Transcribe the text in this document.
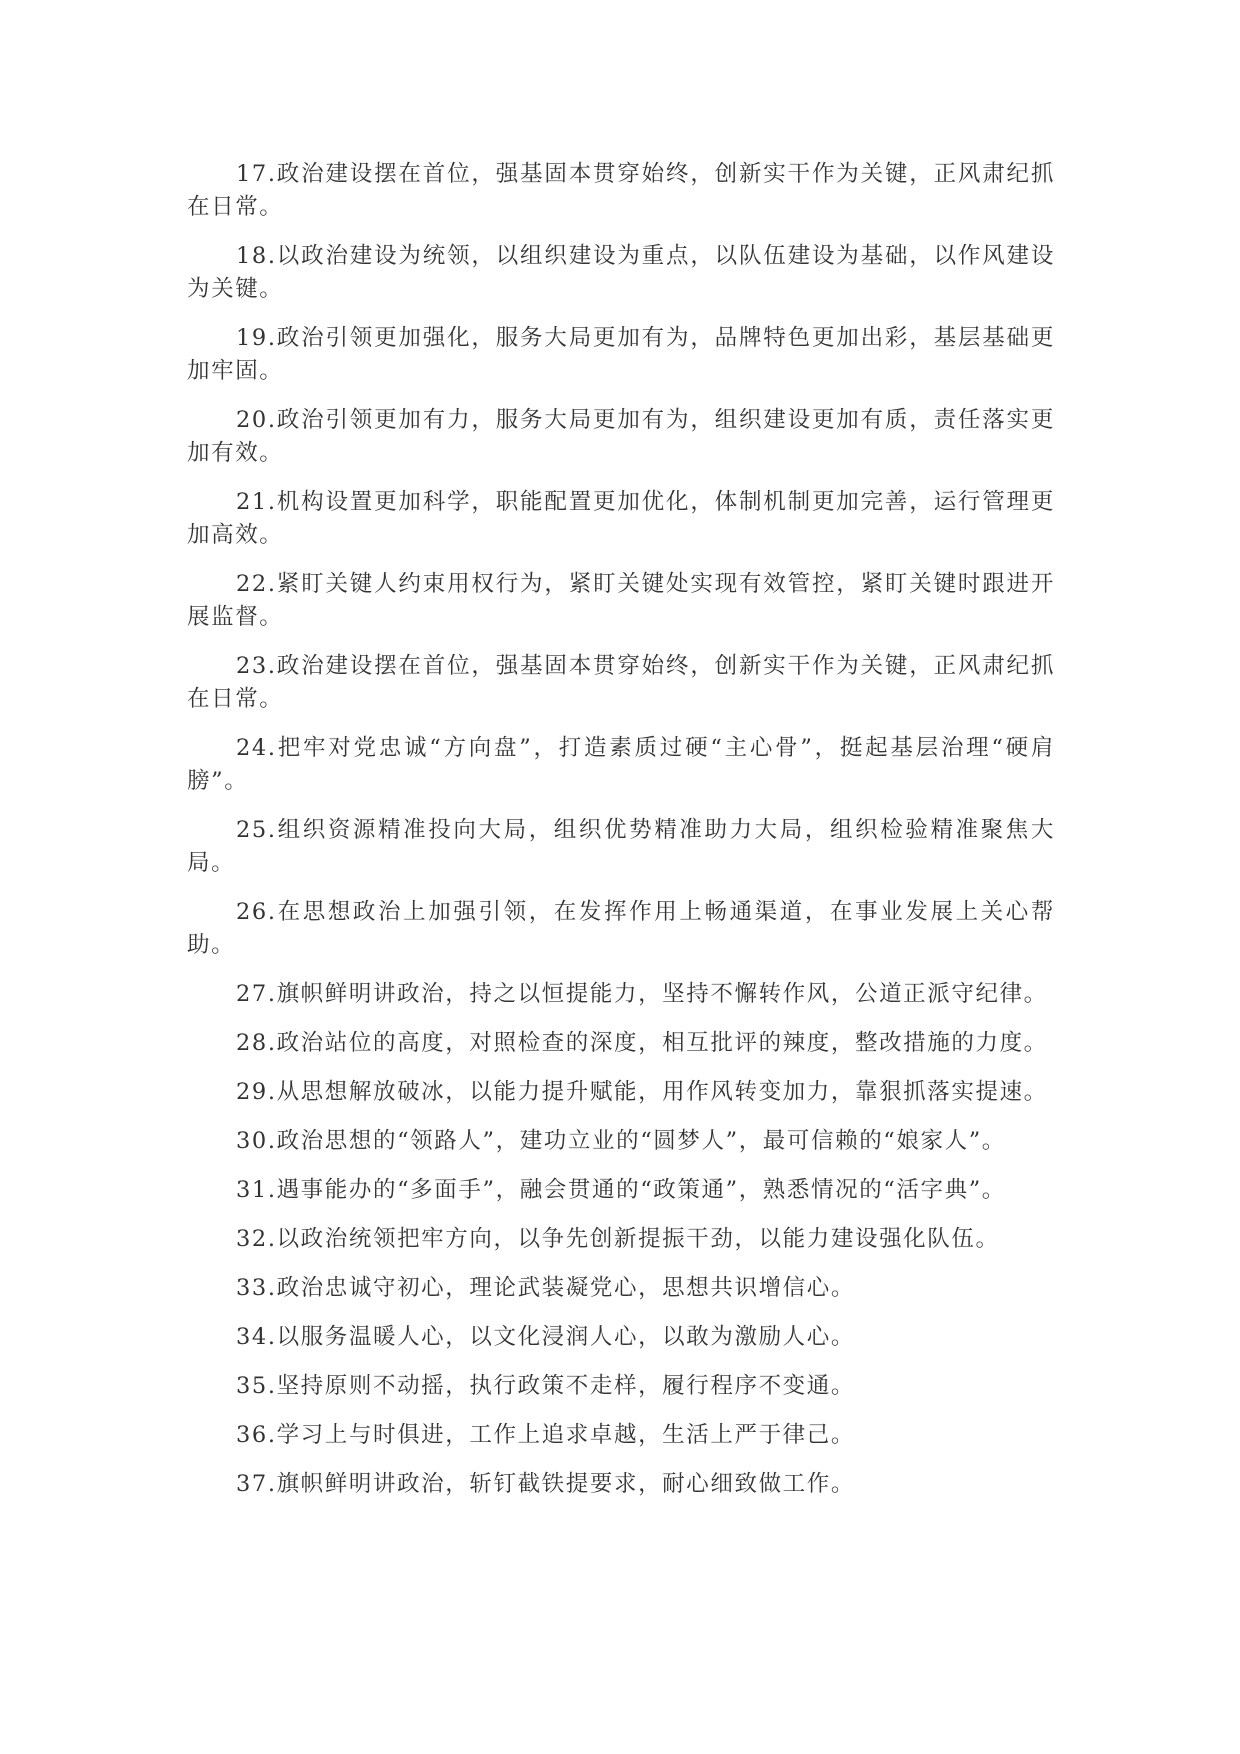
17.政治建设摆在首位，强基固本贯穿始终，创新实干作为关键，正风肃纪抓在日常。

18.以政治建设为统领，以组织建设为重点，以队伍建设为基础，以作风建设为关键。

19.政治引领更加强化，服务大局更加有为，品牌特色更加出彩，基层基础更加牢固。

20.政治引领更加有力，服务大局更加有为，组织建设更加有质，责任落实更加有效。

21.机构设置更加科学，职能配置更加优化，体制机制更加完善，运行管理更加高效。

22.紧盯关键人约束用权行为，紧盯关键处实现有效管控，紧盯关键时跟进开展监督。

23.政治建设摆在首位，强基固本贯穿始终，创新实干作为关键，正风肃纪抓在日常。

24.把牢对党忠诚“方向盘”，打造素质过硬“主心骨”，挺起基层治理“硬肩膀”。

25.组织资源精准投向大局，组织优势精准助力大局，组织检验精准聚焦大局。

26.在思想政治上加强引领，在发挥作用上畅通渠道，在事业发展上关心帮助。

27.旗帜鲜明讲政治，持之以恒提能力，坚持不懈转作风，公道正派守纪律。

28.政治站位的高度，对照检查的深度，相互批评的辣度，整改措施的力度。

29.从思想解放破冰，以能力提升赋能，用作风转变加力，靠狠抓落实提速。

30.政治思想的“领路人”，建功立业的“圆梦人”，最可信赖的“娘家人”。

31.遇事能办的“多面手”，融会贯通的“政策通”，熟悉情况的“活字典”。

32.以政治统领把牢方向，以争先创新提振干劲，以能力建设强化队伍。

33.政治忠诚守初心，理论武装凝党心，思想共识增信心。

34.以服务温暖人心，以文化浸润人心，以敢为激励人心。

35.坚持原则不动摇，执行政策不走样，履行程序不变通。

36.学习上与时俱进，工作上追求卓越，生活上严于律己。

37.旗帜鲜明讲政治，斩钉截铁提要求，耐心细致做工作。
